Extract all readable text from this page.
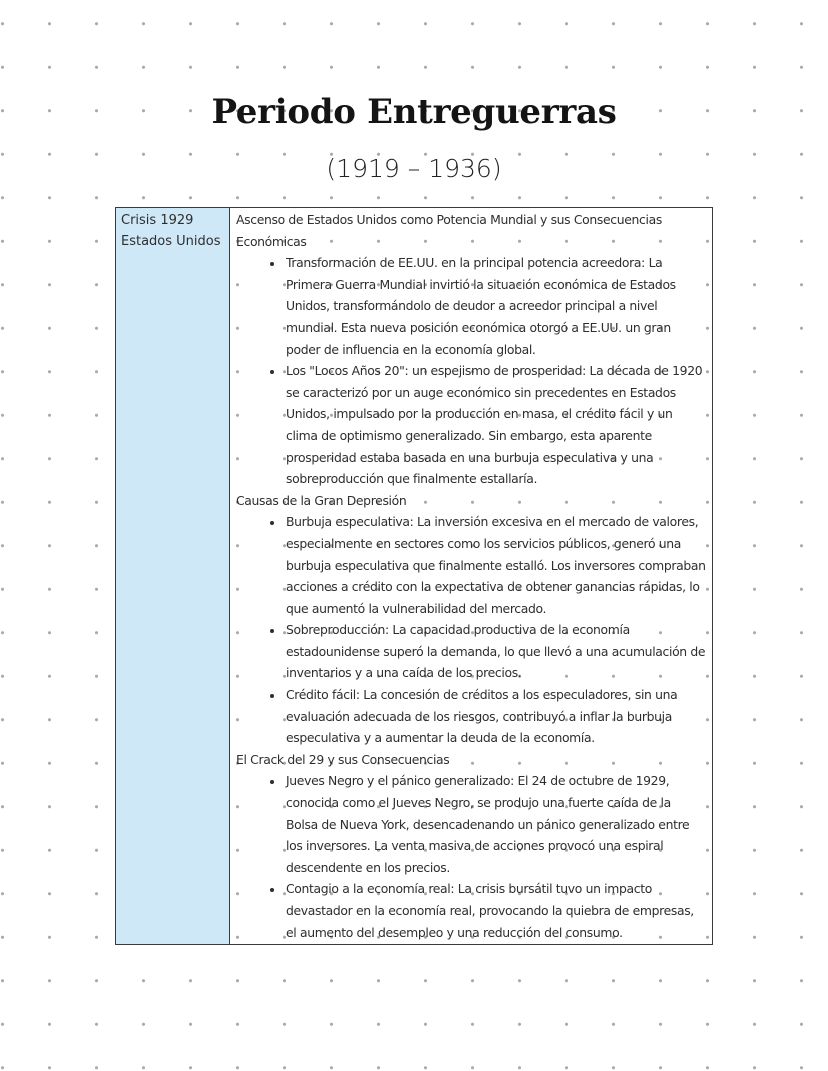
Periodo Entreguerras
(1919 – 1936)
Crisis 1929
Estados Unidos

Ascenso de Estados Unidos como Potencia Mundial y sus Consecuencias Económicas

• Transformación de EE.UU. en la principal potencia acreedora: La Primera Guerra Mundial invirtió la situación económica de Estados Unidos, transformándolo de deudor a acreedor principal a nivel mundial. Esta nueva posición económica otorgó a EE.UU. un gran poder de influencia en la economía global.
• Los "Locos Años 20": un espejismo de prosperidad: La década de 1920 se caracterizó por un auge económico sin precedentes en Estados Unidos, impulsado por la producción en masa, el crédito fácil y un clima de optimismo generalizado. Sin embargo, esta aparente prosperidad estaba basada en una burbuja especulativa y una sobreproducción que finalmente estallaría.

Causas de la Gran Depresión

• Burbuja especulativa: La inversión excesiva en el mercado de valores, especialmente en sectores como los servicios públicos, generó una burbuja especulativa que finalmente estalló. Los inversores compraban acciones a crédito con la expectativa de obtener ganancias rápidas, lo que aumentó la vulnerabilidad del mercado.
• Sobreproducción: La capacidad productiva de la economía estadounidense superó la demanda, lo que llevó a una acumulación de inventarios y a una caída de los precios.
• Crédito fácil: La concesión de créditos a los especuladores, sin una evaluación adecuada de los riesgos, contribuyó a inflar la burbuja especulativa y a aumentar la deuda de la economía.

El Crack del 29 y sus Consecuencias

• Jueves Negro y el pánico generalizado: El 24 de octubre de 1929, conocida como el Jueves Negro, se produjo una fuerte caída de la Bolsa de Nueva York, desencadenando un pánico generalizado entre los inversores. La venta masiva de acciones provocó una espiral descendente en los precios.
• Contagio a la economía real: La crisis bursátil tuvo un impacto devastador en la economía real, provocando la quiebra de empresas, el aumento del desempleo y una reducción del consumo.
